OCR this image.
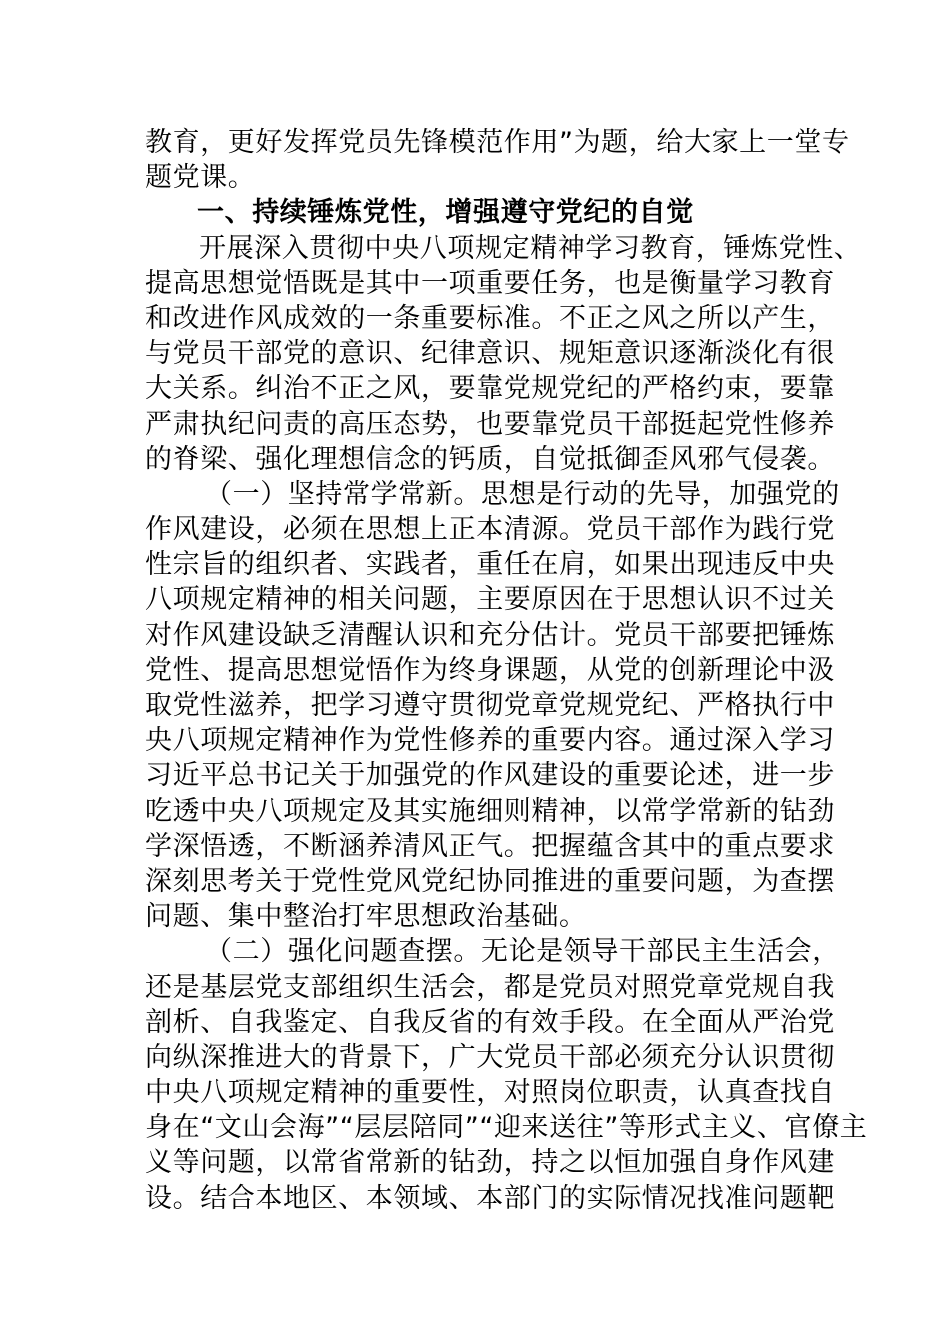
教育，更好发挥党员先锋模范作用”为题，给大家上一堂专
题党课。
一、持续锤炼党性，增强遵守党纪的自觉
开展深入贯彻中央八项规定精神学习教育，锤炼党性、
提高思想觉悟既是其中一项重要任务，也是衡量学习教育
和改进作风成效的一条重要标准。不正之风之所以产生，
与党员干部党的意识、纪律意识、规矩意识逐渐淡化有很
大关系。纠治不正之风，要靠党规党纪的严格约束，要靠
严肃执纪问责的高压态势，也要靠党员干部挺起党性修养
的脊梁、强化理想信念的钙质，自觉抵御歪风邪气侵袭。
（一）坚持常学常新。思想是行动的先导，加强党的
作风建设，必须在思想上正本清源。党员干部作为践行党
性宗旨的组织者、实践者，重任在肩，如果出现违反中央
八项规定精神的相关问题，主要原因在于思想认识不过关
对作风建设缺乏清醒认识和充分估计。党员干部要把锤炼
党性、提高思想觉悟作为终身课题，从党的创新理论中汲
取党性滋养，把学习遵守贯彻党章党规党纪、严格执行中
央八项规定精神作为党性修养的重要内容。通过深入学习
习近平总书记关于加强党的作风建设的重要论述，进一步
吃透中央八项规定及其实施细则精神，以常学常新的钻劲
学深悟透，不断涵养清风正气。把握蕴含其中的重点要求
深刻思考关于党性党风党纪协同推进的重要问题，为查摆
问题、集中整治打牢思想政治基础。
（二）强化问题查摆。无论是领导干部民主生活会，
还是基层党支部组织生活会，都是党员对照党章党规自我
剖析、自我鉴定、自我反省的有效手段。在全面从严治党
向纵深推进大的背景下，广大党员干部必须充分认识贯彻
中央八项规定精神的重要性，对照岗位职责，认真查找自
身在“文山会海”“层层陪同”“迎来送往”等形式主义、官僚主
义等问题，以常省常新的钻劲，持之以恒加强自身作风建
设。结合本地区、本领域、本部门的实际情况找准问题靶
